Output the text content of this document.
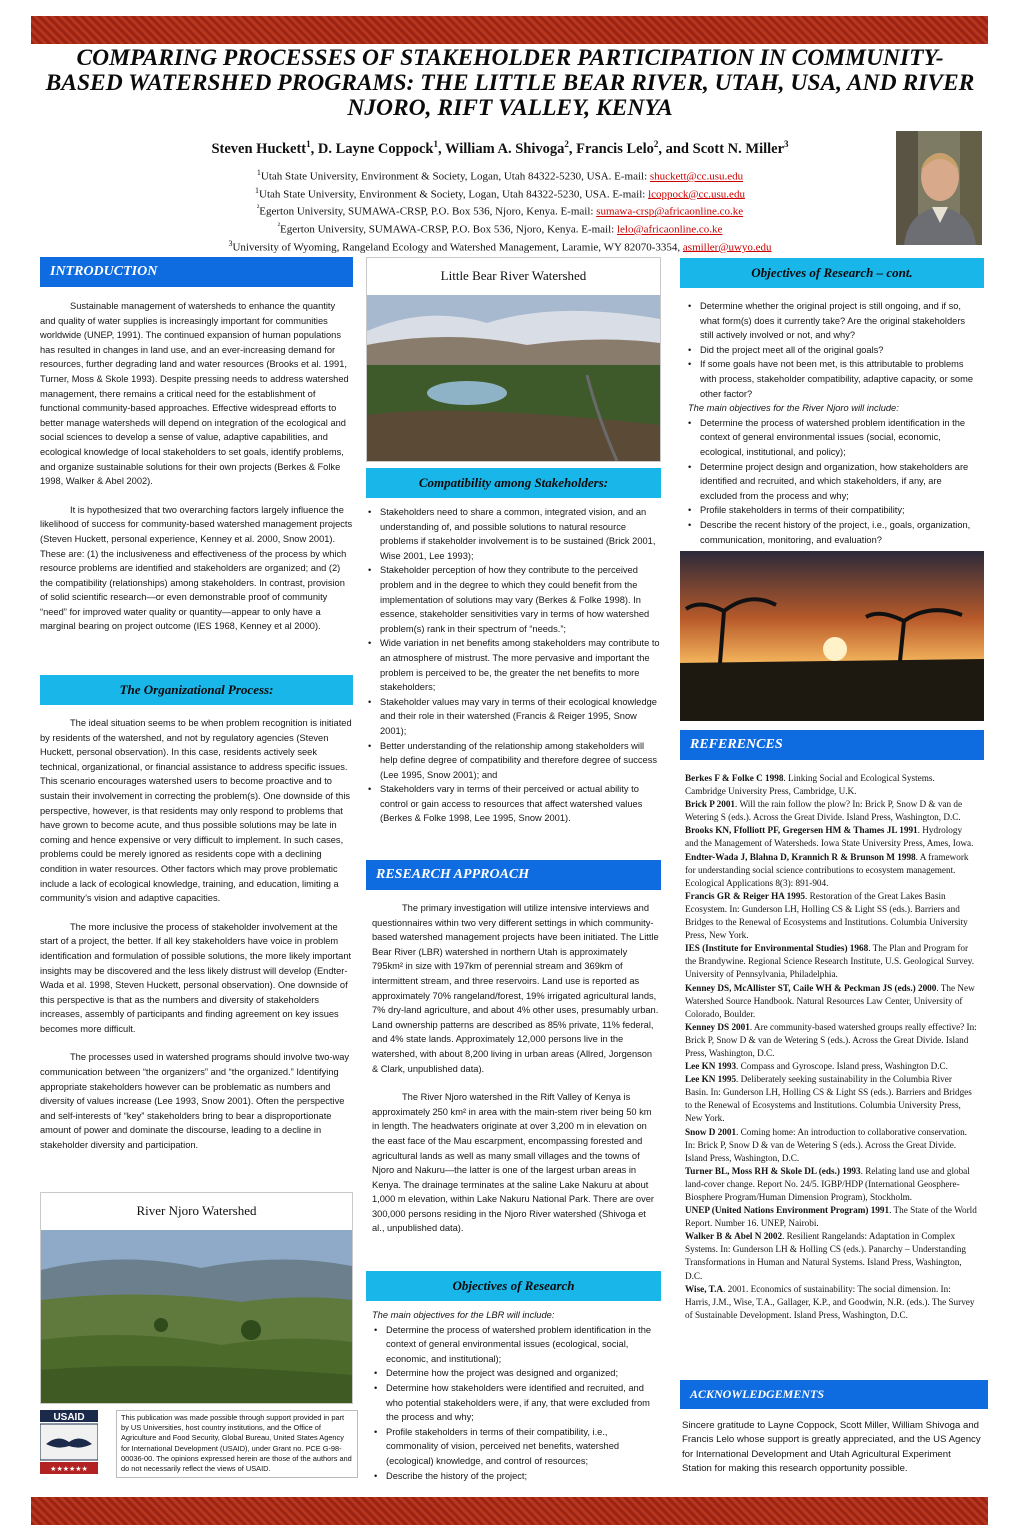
COMPARING PROCESSES OF STAKEHOLDER PARTICIPATION IN COMMUNITY-BASED WATERSHED PROGRAMS: THE LITTLE BEAR RIVER, UTAH, USA, AND RIVER NJORO, RIFT VALLEY, KENYA
Steven Huckett$^1$, D. Layne Coppock$^1$, William A. Shivoga$^2$, Francis Lelo$^2$, and Scott N. Miller$^3$
$^1$Utah State University, Environment & Society, Logan, Utah 84322-5230, USA. E-mail: shuckett@cc.usu.edu
$^1$Utah State University, Environment & Society, Logan, Utah 84322-5230, USA. E-mail: lcoppock@cc.usu.edu
$^{^2}$Egerton University, SUMAWA-CRSP, P.O. Box 536, Njoro, Kenya. E-mail: sumawa-crsp@africaonline.co.ke
$^{^2}$Egerton University, SUMAWA-CRSP, P.O. Box 536, Njoro, Kenya. E-mail: lelo@africaonline.co.ke
$^3$University of Wyoming, Rangeland Ecology and Watershed Management, Laramie, WY 82070-3354, asmiller@uwyo.edu
INTRODUCTION

Sustainable management of watersheds to enhance the quantity and quality of water supplies is increasingly important for communities worldwide (UNEP, 1991). The continued expansion of human populations has resulted in changes in land use, and an ever-increasing demand for resources, further degrading land and water resources (Brooks et al. 1991, Turner, Moss & Skole 1993). Despite pressing needs to address watershed management, there remains a critical need for the establishment of functional community-based approaches. Effective widespread efforts to better manage watersheds will depend on integration of the ecological and social sciences to develop a sense of value, adaptive capabilities, and ecological knowledge of local stakeholders to set goals, identify problems, and organize sustainable solutions for their own projects (Berkes & Folke 1998, Walker & Abel 2002).

It is hypothesized that two overarching factors largely influence the likelihood of success for community-based watershed management projects (Steven Huckett, personal experience, Kenney et al. 2000, Snow 2001). These are: (1) the inclusiveness and effectiveness of the process by which resource problems are identified and stakeholders are organized; and (2) the compatibility (relationships) among stakeholders. In contrast, provision of solid scientific research—or even demonstrable proof of community “need” for improved water quality or quantity—appear to only have a marginal bearing on project outcome (IES 1968, Kenney et al 2000).

The Organizational Process:

The ideal situation seems to be when problem recognition is initiated by residents of the watershed, and not by regulatory agencies (Steven Huckett, personal observation). In this case, residents actively seek technical, organizational, or financial assistance to address specific issues. This scenario encourages watershed users to become proactive and to sustain their involvement in correcting the problem(s). One downside of this perspective, however, is that residents may only respond to problems that have grown to become acute, and thus possible solutions may be late in coming and hence expensive or very difficult to implement. In such cases, problems could be merely ignored as residents cope with a declining condition in water resources. Other factors which may prove problematic include a lack of ecological knowledge, training, and education, limiting a community’s vision and adaptive capacities.

The more inclusive the process of stakeholder involvement at the start of a project, the better. If all key stakeholders have voice in problem identification and formulation of possible solutions, the more likely important insights may be discovered and the less likely distrust will develop (Endter-Wada et al. 1998, Steven Huckett, personal observation). One downside of this perspective is that as the numbers and diversity of stakeholders increases, assembly of participants and finding agreement on key issues becomes more difficult.

The processes used in watershed programs should involve two-way communication between “the organizers” and “the organized.” Identifying appropriate stakeholders however can be problematic as numbers and diversity of values increase (Lee 1993, Snow 2001). Often the perspective and self-interests of “key” stakeholders bring to bear a disproportionate amount of power and dominate the discourse, leading to a decline in stakeholder diversity and participation.

River Njoro Watershed
USAID
★★★★★★
This publication was made possible through support provided in part by US Universities, host country institutions, and the Office of Agriculture and Food Security, Global Bureau, United States Agency for International Development (USAID), under Grant no. PCE G-98-00036-00. The opinions expressed herein are those of the authors and do not necessarily reflect the views of USAID.
Little Bear River Watershed
Compatibility among Stakeholders:
• Stakeholders need to share a common, integrated vision, and an understanding of, and possible solutions to natural resource problems if stakeholder involvement is to be sustained (Brick 2001, Wise 2001, Lee 1993);
• Stakeholder perception of how they contribute to the perceived problem and in the degree to which they could benefit from the implementation of solutions may vary (Berkes & Folke 1998). In essence, stakeholder sensitivities vary in terms of how watershed problem(s) rank in their spectrum of “needs.”;
• Wide variation in net benefits among stakeholders may contribute to an atmosphere of mistrust. The more pervasive and important the problem is perceived to be, the greater the net benefits to more stakeholders;
• Stakeholder values may vary in terms of their ecological knowledge and their role in their watershed (Francis & Reiger 1995, Snow 2001);
• Better understanding of the relationship among stakeholders will help define degree of compatibility and therefore degree of success (Lee 1995, Snow 2001); and
• Stakeholders vary in terms of their perceived or actual ability to control or gain access to resources that affect watershed values (Berkes & Folke 1998, Lee 1995, Snow 2001).
RESEARCH APPROACH

The primary investigation will utilize intensive interviews and questionnaires within two very different settings in which community-based watershed management projects have been initiated. The Little Bear River (LBR) watershed in northern Utah is approximately 795km² in size with 197km of perennial stream and 369km of intermittent stream, and three reservoirs. Land use is reported as approximately 70% rangeland/forest, 19% irrigated agricultural lands, 7% dry-land agriculture, and about 4% other uses, presumably urban. Land ownership patterns are described as 85% private, 11% federal, and 4% state lands. Approximately 12,000 persons live in the watershed, with about 8,200 living in urban areas (Allred, Jorgenson & Clark, unpublished data).

The River Njoro watershed in the Rift Valley of Kenya is approximately 250 km² in area with the main-stem river being 50 km in length. The headwaters originate at over 3,200 m in elevation on the east face of the Mau escarpment, encompassing forested and agricultural lands as well as many small villages and the towns of Njoro and Nakuru—the latter is one of the largest urban areas in Kenya. The drainage terminates at the saline Lake Nakuru at about 1,000 m elevation, within Lake Nakuru National Park. There are over 300,000 persons residing in the Njoro River watershed (Shivoga et al., unpublished data).

Objectives of Research
The main objectives for the LBR will include:
• Determine the process of watershed problem identification in the context of general environmental issues (ecological, social, economic, and institutional);
• Determine how the project was designed and organized;
• Determine how stakeholders were identified and recruited, and who potential stakeholders were, if any, that were excluded from the process and why;
• Profile stakeholders in terms of their compatibility, i.e., commonality of vision, perceived net benefits, watershed (ecological) knowledge, and control of resources;
• Describe the history of the project;
Objectives of Research – cont.
• Determine whether the original project is still ongoing, and if so, what form(s) does it currently take? Are the original stakeholders still actively involved or not, and why?
• Did the project meet all of the original goals?
• If some goals have not been met, is this attributable to problems with process, stakeholder compatibility, adaptive capacity, or some other factor?
The main objectives for the River Njoro will include:
• Determine the process of watershed problem identification in the context of general environmental issues (social, economic, ecological, institutional, and policy);
• Determine project design and organization, how stakeholders are identified and recruited, and which stakeholders, if any, are excluded from the process and why;
• Profile stakeholders in terms of their compatibility;
• Describe the recent history of the project, i.e., goals, organization, communication, monitoring, and evaluation?
REFERENCES
Berkes F & Folke C 1998. Linking Social and Ecological Systems. Cambridge University Press, Cambridge, U.K.
Brick P 2001. Will the rain follow the plow? In: Brick P, Snow D & van de Wetering S (eds.). Across the Great Divide. Island Press, Washington, D.C.
Brooks KN, Ffolliott PF, Gregersen HM & Thames JL 1991. Hydrology and the Management of Watersheds. Iowa State University Press, Ames, Iowa.
Endter-Wada J, Blahna D, Krannich R & Brunson M 1998. A framework for understanding social science contributions to ecosystem management. Ecological Applications 8(3): 891-904.
Francis GR & Reiger HA 1995. Restoration of the Great Lakes Basin Ecosystem. In: Gunderson LH, Holling CS & Light SS (eds.). Barriers and Bridges to the Renewal of Ecosystems and Institutions. Columbia University Press, New York.
IES (Institute for Environmental Studies) 1968. The Plan and Program for the Brandywine. Regional Science Research Institute, U.S. Geological Survey. University of Pennsylvania, Philadelphia.
Kenney DS, McAllister ST, Caile WH & Peckman JS (eds.) 2000. The New Watershed Source Handbook. Natural Resources Law Center, University of Colorado, Boulder.
Kenney DS 2001. Are community-based watershed groups really effective? In: Brick P, Snow D & van de Wetering S (eds.). Across the Great Divide. Island Press, Washington, D.C.
Lee KN 1993. Compass and Gyroscope. Island press, Washington D.C.
Lee KN 1995. Deliberately seeking sustainability in the Columbia River Basin. In: Gunderson LH, Holling CS & Light SS (eds.). Barriers and Bridges to the Renewal of Ecosystems and Institutions. Columbia University Press, New York.
Snow D 2001. Coming home: An introduction to collaborative conservation. In: Brick P, Snow D & van de Wetering S (eds.). Across the Great Divide. Island Press, Washington, D.C.
Turner BL, Moss RH & Skole DL (eds.) 1993. Relating land use and global land-cover change. Report No. 24/5. IGBP/HDP (International Geosphere-Biosphere Program/Human Dimension Program), Stockholm.
UNEP (United Nations Environment Program) 1991. The State of the World Report. Number 16. UNEP, Nairobi.
Walker B & Abel N 2002. Resilient Rangelands: Adaptation in Complex Systems. In: Gunderson LH & Holling CS (eds.). Panarchy – Understanding Transformations in Human and Natural Systems. Island Press, Washington, D.C.
Wise, T.A. 2001. Economics of sustainability: The social dimension. In: Harris, J.M., Wise, T.A., Gallager, K.P., and Goodwin, N.R. (eds.). The Survey of Sustainable Development. Island Press, Washington, D.C.
ACKNOWLEDGEMENTS
Sincere gratitude to Layne Coppock, Scott Miller, William Shivoga and Francis Lelo whose support is greatly appreciated, and the US Agency for International Development and Utah Agricultural Experiment Station for making this research opportunity possible.
